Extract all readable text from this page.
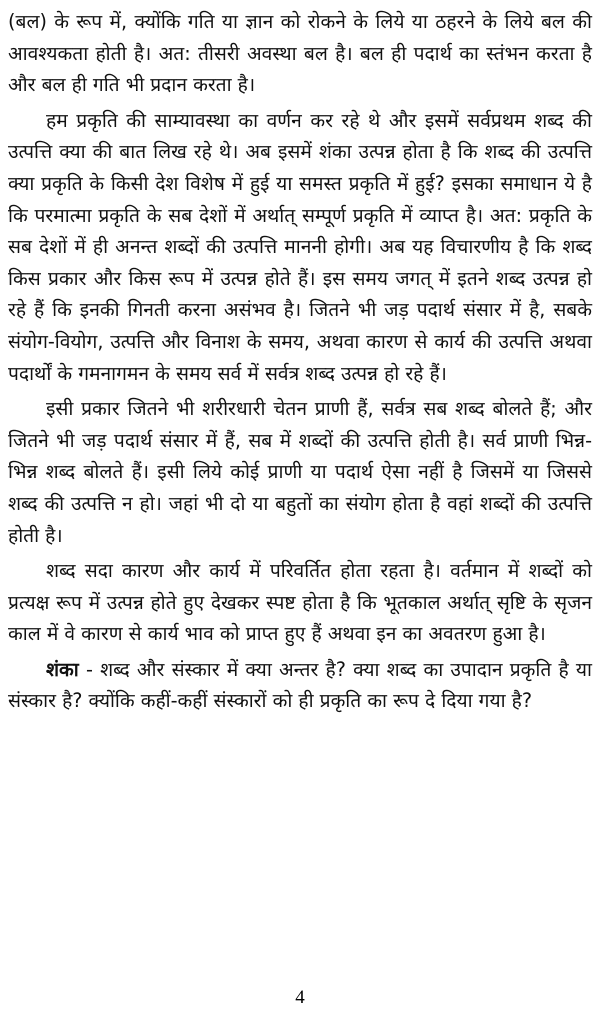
(बल) के रूप में, क्योंकि गति या ज्ञान को रोकने के लिये या ठहरने के लिये बल की आवश्यकता होती है। अत: तीसरी अवस्था बल है। बल ही पदार्थ का स्तंभन करता है और बल ही गति भी प्रदान करता है।

हम प्रकृति की साम्यावस्था का वर्णन कर रहे थे और इसमें सर्वप्रथम शब्द की उत्पत्ति क्या की बात लिख रहे थे। अब इसमें शंका उत्पन्न होता है कि शब्द की उत्पत्ति क्या प्रकृति के किसी देश विशेष में हुई या समस्त प्रकृति में हुई? इसका समाधान ये है कि परमात्मा प्रकृति के सब देशों में अर्थात् सम्पूर्ण प्रकृति में व्याप्त है। अत: प्रकृति के सब देशों में ही अनन्त शब्दों की उत्पत्ति माननी होगी। अब यह विचारणीय है कि शब्द किस प्रकार और किस रूप में उत्पन्न होते हैं। इस समय जगत् में इतने शब्द उत्पन्न हो रहे हैं कि इनकी गिनती करना असंभव है। जितने भी जड़ पदार्थ संसार में है, सबके संयोग-वियोग, उत्पत्ति और विनाश के समय, अथवा कारण से कार्य की उत्पत्ति अथवा पदार्थों के गमनागमन के समय सर्व में सर्वत्र शब्द उत्पन्न हो रहे हैं।

इसी प्रकार जितने भी शरीरधारी चेतन प्राणी हैं, सर्वत्र सब शब्द बोलते हैं; और जितने भी जड़ पदार्थ संसार में हैं, सब में शब्दों की उत्पत्ति होती है। सर्व प्राणी भिन्न-भिन्न शब्द बोलते हैं। इसी लिये कोई प्राणी या पदार्थ ऐसा नहीं है जिसमें या जिससे शब्द की उत्पत्ति न हो। जहां भी दो या बहुतों का संयोग होता है वहां शब्दों की उत्पत्ति होती है।

शब्द सदा कारण और कार्य में परिवर्तित होता रहता है। वर्तमान में शब्दों को प्रत्यक्ष रूप में उत्पन्न होते हुए देखकर स्पष्ट होता है कि भूतकाल अर्थात् सृष्टि के सृजन काल में वे कारण से कार्य भाव को प्राप्त हुए हैं अथवा इन का अवतरण हुआ है।

शंका - शब्द और संस्कार में क्या अन्तर है? क्या शब्द का उपादान प्रकृति है या संस्कार है? क्योंकि कहीं-कहीं संस्कारों को ही प्रकृति का रूप दे दिया गया है?

4
